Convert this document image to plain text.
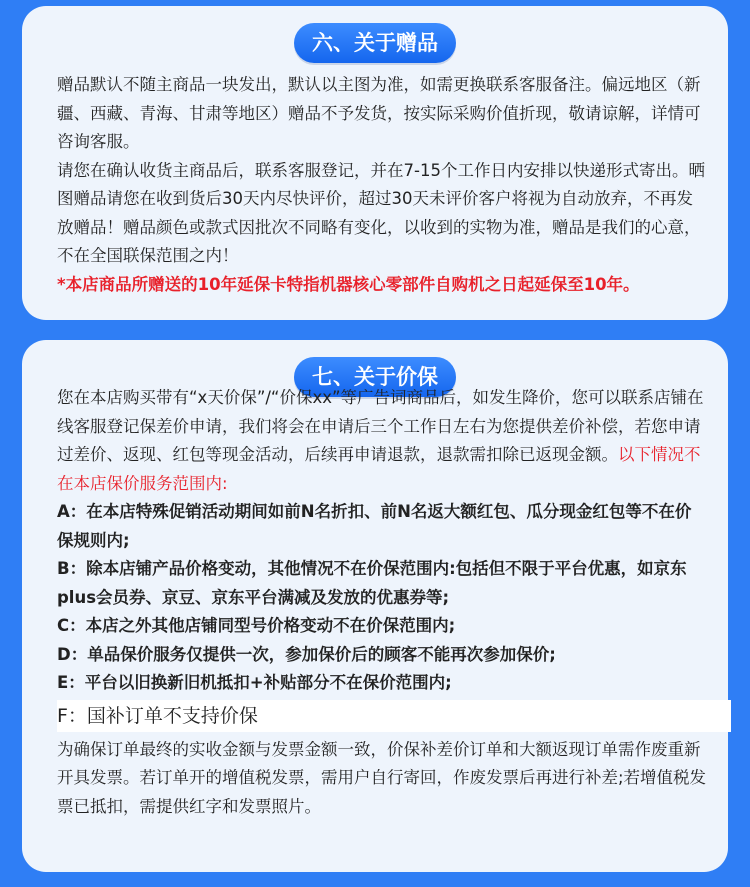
六、关于赠品

赠品默认不随主商品一块发出，默认以主图为准，如需更换联系客服备注。偏远地区（新疆、西藏、青海、甘肃等地区）赠品不予发货，按实际采购价值折现，敬请谅解，详情可咨询客服。

请您在确认收货主商品后，联系客服登记，并在7-15个工作日内安排以快递形式寄出。晒图赠品请您在收到货后30天内尽快评价，超过30天未评价客户将视为自动放弃，不再发放赠品！赠品颜色或款式因批次不同略有变化，以收到的实物为准，赠品是我们的心意，不在全国联保范围之内！

*本店商品所赠送的10年延保卡特指机器核心零部件自购机之日起延保至10年。

七、关于价保

您在本店购买带有“x天价保”/“价保xx”等广告词商品后，如发生降价，您可以联系店铺在线客服登记保差价申请，我们将会在申请后三个工作日左右为您提供差价补偿，若您申请过差价、返现、红包等现金活动，后续再申请退款，退款需扣除已返现金额。以下情况不在本店保价服务范围内:

A：在本店特殊促销活动期间如前N名折扣、前N名返大额红包、瓜分现金红包等不在价保规则内;

B：除本店铺产品价格变动，其他情况不在价保范围内:包括但不限于平台优惠，如京东plus会员券、京豆、京东平台满减及发放的优惠券等;

C：本店之外其他店铺同型号价格变动不在价保范围内;

D：单品保价服务仅提供一次，参加保价后的顾客不能再次参加保价;

E：平台以旧换新旧机抵扣+补贴部分不在保价范围内;

F：国补订单不支持价保

为确保订单最终的实收金额与发票金额一致，价保补差价订单和大额返现订单需作废重新开具发票。若订单开的增值税发票，需用户自行寄回，作废发票后再进行补差;若增值税发票已抵扣，需提供红字和发票照片。
